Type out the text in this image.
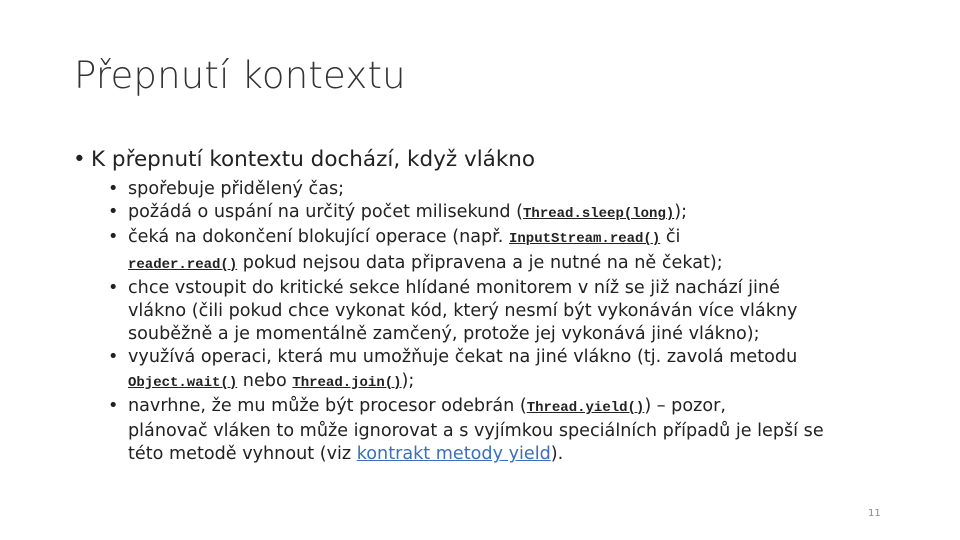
Přepnutí kontextu
• K přepnutí kontextu dochází, když vlákno
• spořebuje přidělený čas;
• požádá o uspání na určitý počet milisekund (Thread.sleep(long));
• čeká na dokončení blokující operace (např. InputStream.read() či
reader.read() pokud nejsou data připravena a je nutné na ně čekat);
• chce vstoupit do kritické sekce hlídané monitorem v níž se již nachází jiné
vlákno (čili pokud chce vykonat kód, který nesmí být vykonáván více vlákny
souběžně a je momentálně zamčený, protože jej vykonává jiné vlákno);
• využívá operaci, která mu umožňuje čekat na jiné vlákno (tj. zavolá metodu
Object.wait() nebo Thread.join());
• navrhne, že mu může být procesor odebrán (Thread.yield()) – pozor,
plánovač vláken to může ignorovat a s vyjímkou speciálních případů je lepší se
této metodě vyhnout (viz kontrakt metody yield).
11
